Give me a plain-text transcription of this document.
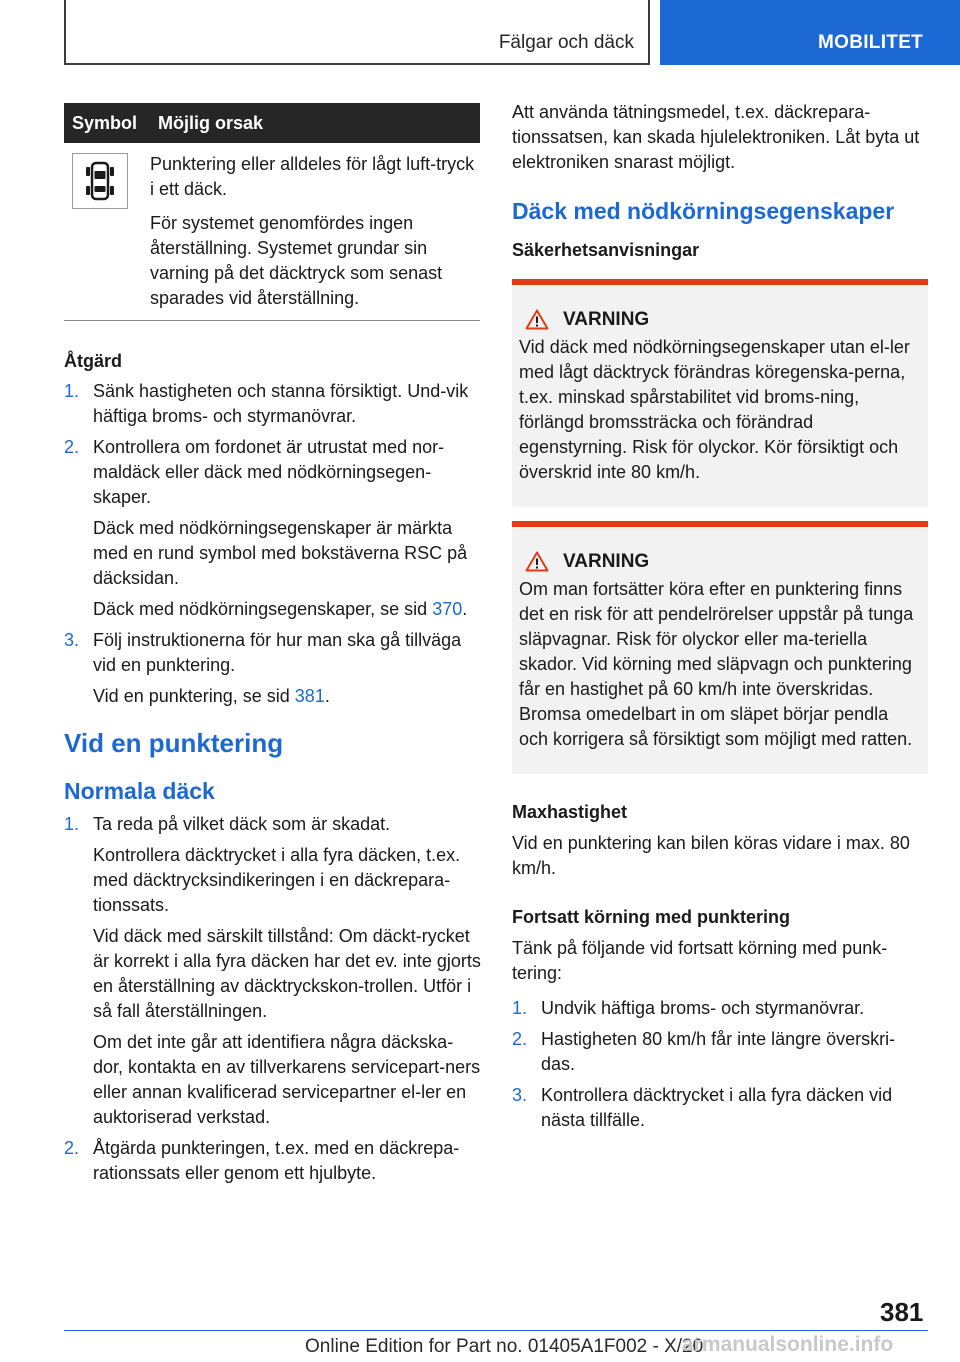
Fälgar och däck	MOBILITET
Symbol	Möjlig orsak

Punktering eller alldeles för lågt luft-tryck i ett däck.

För systemet genomfördes ingen återställning. Systemet grundar sin varning på det däcktryck som senast sparades vid återställning.

Åtgärd
1. Sänk hastigheten och stanna försiktigt. Und-vik häftiga broms- och styrmanövrar.

2. Kontrollera om fordonet är utrustat med nor-maldäck eller däck med nödkörningsegen-skaper.

Däck med nödkörningsegenskaper är märkta med en rund symbol med bokstäverna RSC på däcksidan.

Däck med nödkörningsegenskaper, se sid 370.

3. Följ instruktionerna för hur man ska gå tillväga vid en punktering.

Vid en punktering, se sid 381.

Vid en punktering
Normala däck
1. Ta reda på vilket däck som är skadat.

Kontrollera däcktrycket i alla fyra däcken, t.ex. med däcktrycksindikeringen i en däckrepara-tionssats.

Vid däck med särskilt tillstånd: Om däckt-rycket är korrekt i alla fyra däcken har det ev. inte gjorts en återställning av däcktryckskon-trollen. Utför i så fall återställningen.

Om det inte går att identifiera några däckska-dor, kontakta en av tillverkarens servicepart-ners eller annan kvalificerad servicepartner el-ler en auktoriserad verkstad.

2. Åtgärda punkteringen, t.ex. med en däckrepa-rationssats eller genom ett hjulbyte.

Att använda tätningsmedel, t.ex. däckrepara-tionssatsen, kan skada hjulelektroniken. Låt byta ut elektroniken snarast möjligt.

Däck med nödkörningsegenskaper
Säkerhetsanvisningar
VARNING

Vid däck med nödkörningsegenskaper utan el-ler med lågt däcktryck förändras köregenska-perna, t.ex. minskad spårstabilitet vid broms-ning, förlängd bromssträcka och förändrad egenstyrning. Risk för olyckor. Kör försiktigt och överskrid inte 80 km/h.

VARNING

Om man fortsätter köra efter en punktering finns det en risk för att pendelrörelser uppstår på tunga släpvagnar. Risk för olyckor eller ma-teriella skador. Vid körning med släpvagn och punktering får en hastighet på 60 km/h inte överskridas. Bromsa omedelbart in om släpet börjar pendla och korrigera så försiktigt som möjligt med ratten.

Maxhastighet

Vid en punktering kan bilen köras vidare i max. 80 km/h.

Fortsatt körning med punktering

Tänk på följande vid fortsatt körning med punk-tering:

1. Undvik häftiga broms- och styrmanövrar.

2. Hastigheten 80 km/h får inte längre överskri-das.

3. Kontrollera däcktrycket i alla fyra däcken vid nästa tillfälle.

381
Online Edition for Part no. 01405A1F002 - X/20
armanualsonline.info
